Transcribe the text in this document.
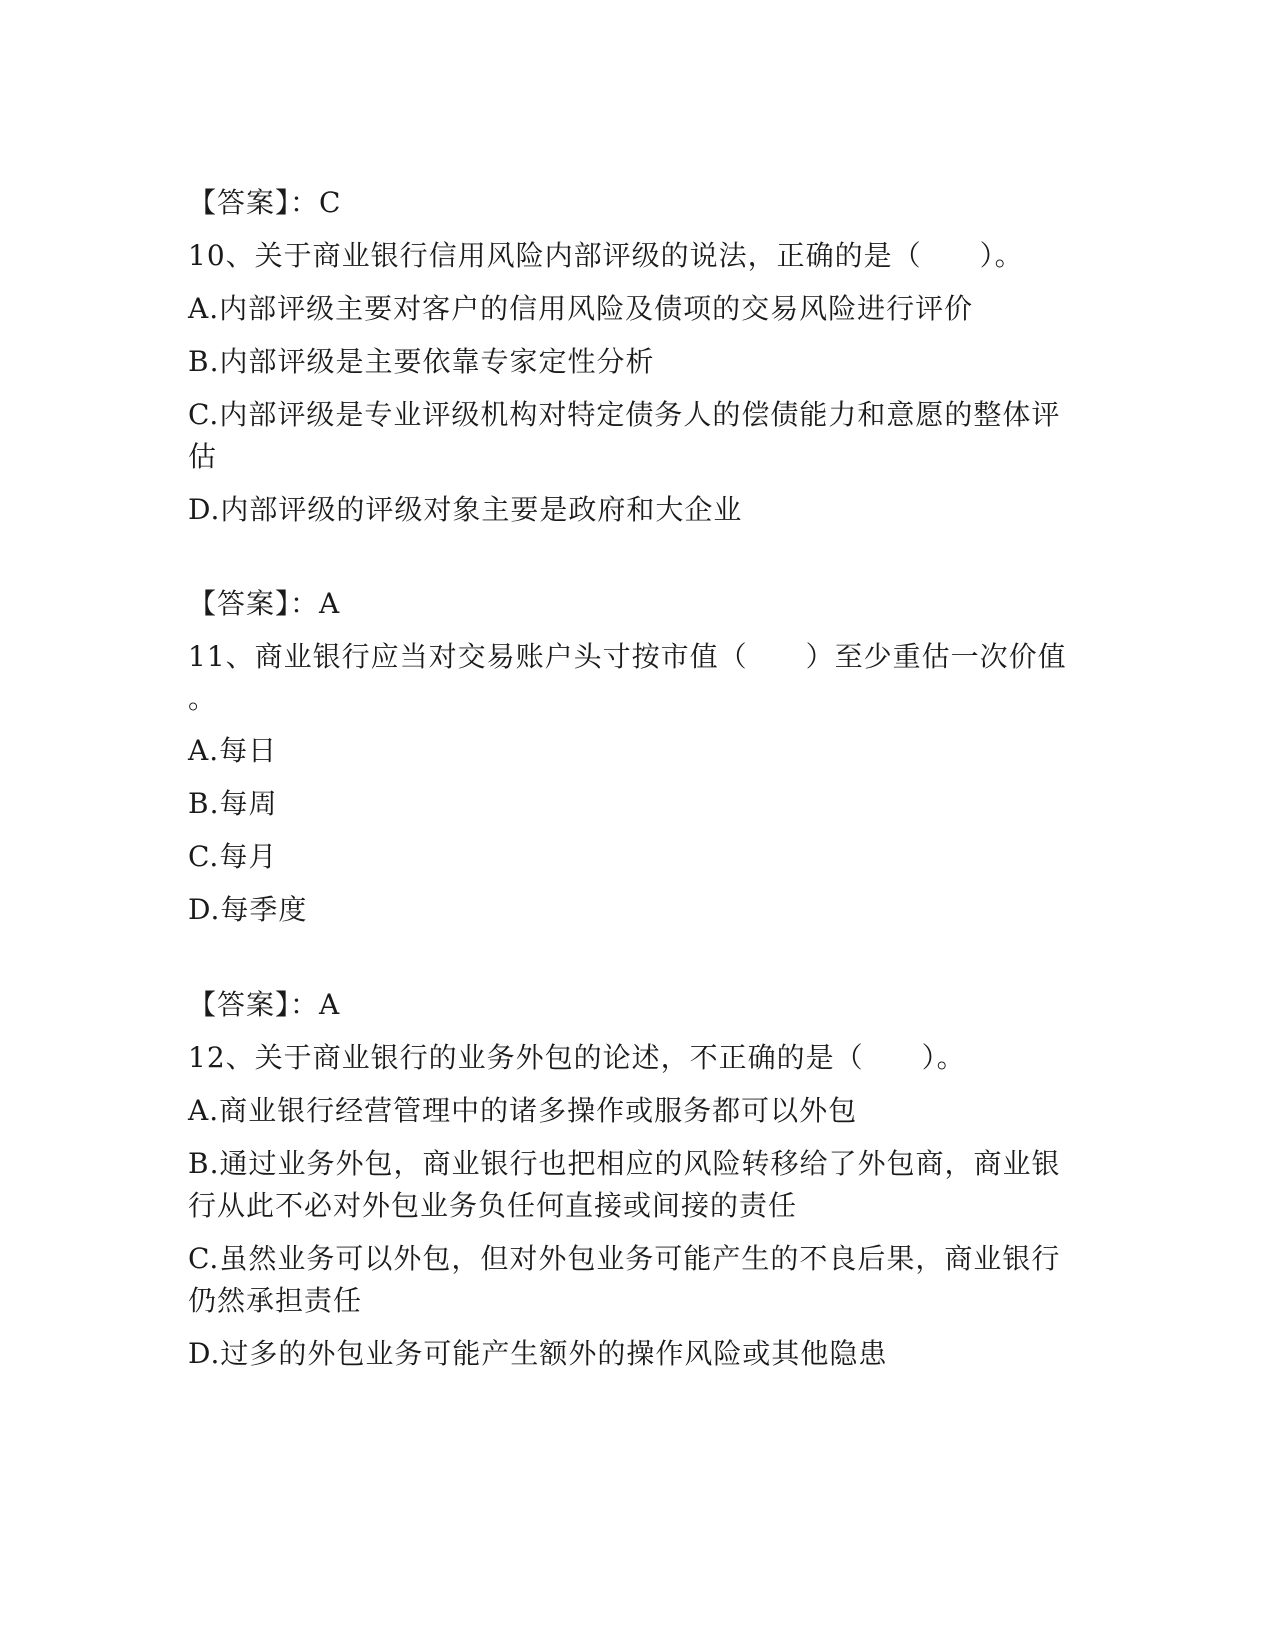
【答案】：C
10、关于商业银行信用风险内部评级的说法，正确的是（　　）。
A.内部评级主要对客户的信用风险及债项的交易风险进行评价
B.内部评级是主要依靠专家定性分析
C.内部评级是专业评级机构对特定债务人的偿债能力和意愿的整体评
估
D.内部评级的评级对象主要是政府和大企业
【答案】：A
11、商业银行应当对交易账户头寸按市值（　　）至少重估一次价值
。
A.每日
B.每周
C.每月
D.每季度
【答案】：A
12、关于商业银行的业务外包的论述，不正确的是（　　）。
A.商业银行经营管理中的诸多操作或服务都可以外包
B.通过业务外包，商业银行也把相应的风险转移给了外包商，商业银
行从此不必对外包业务负任何直接或间接的责任
C.虽然业务可以外包，但对外包业务可能产生的不良后果，商业银行
仍然承担责任
D.过多的外包业务可能产生额外的操作风险或其他隐患
